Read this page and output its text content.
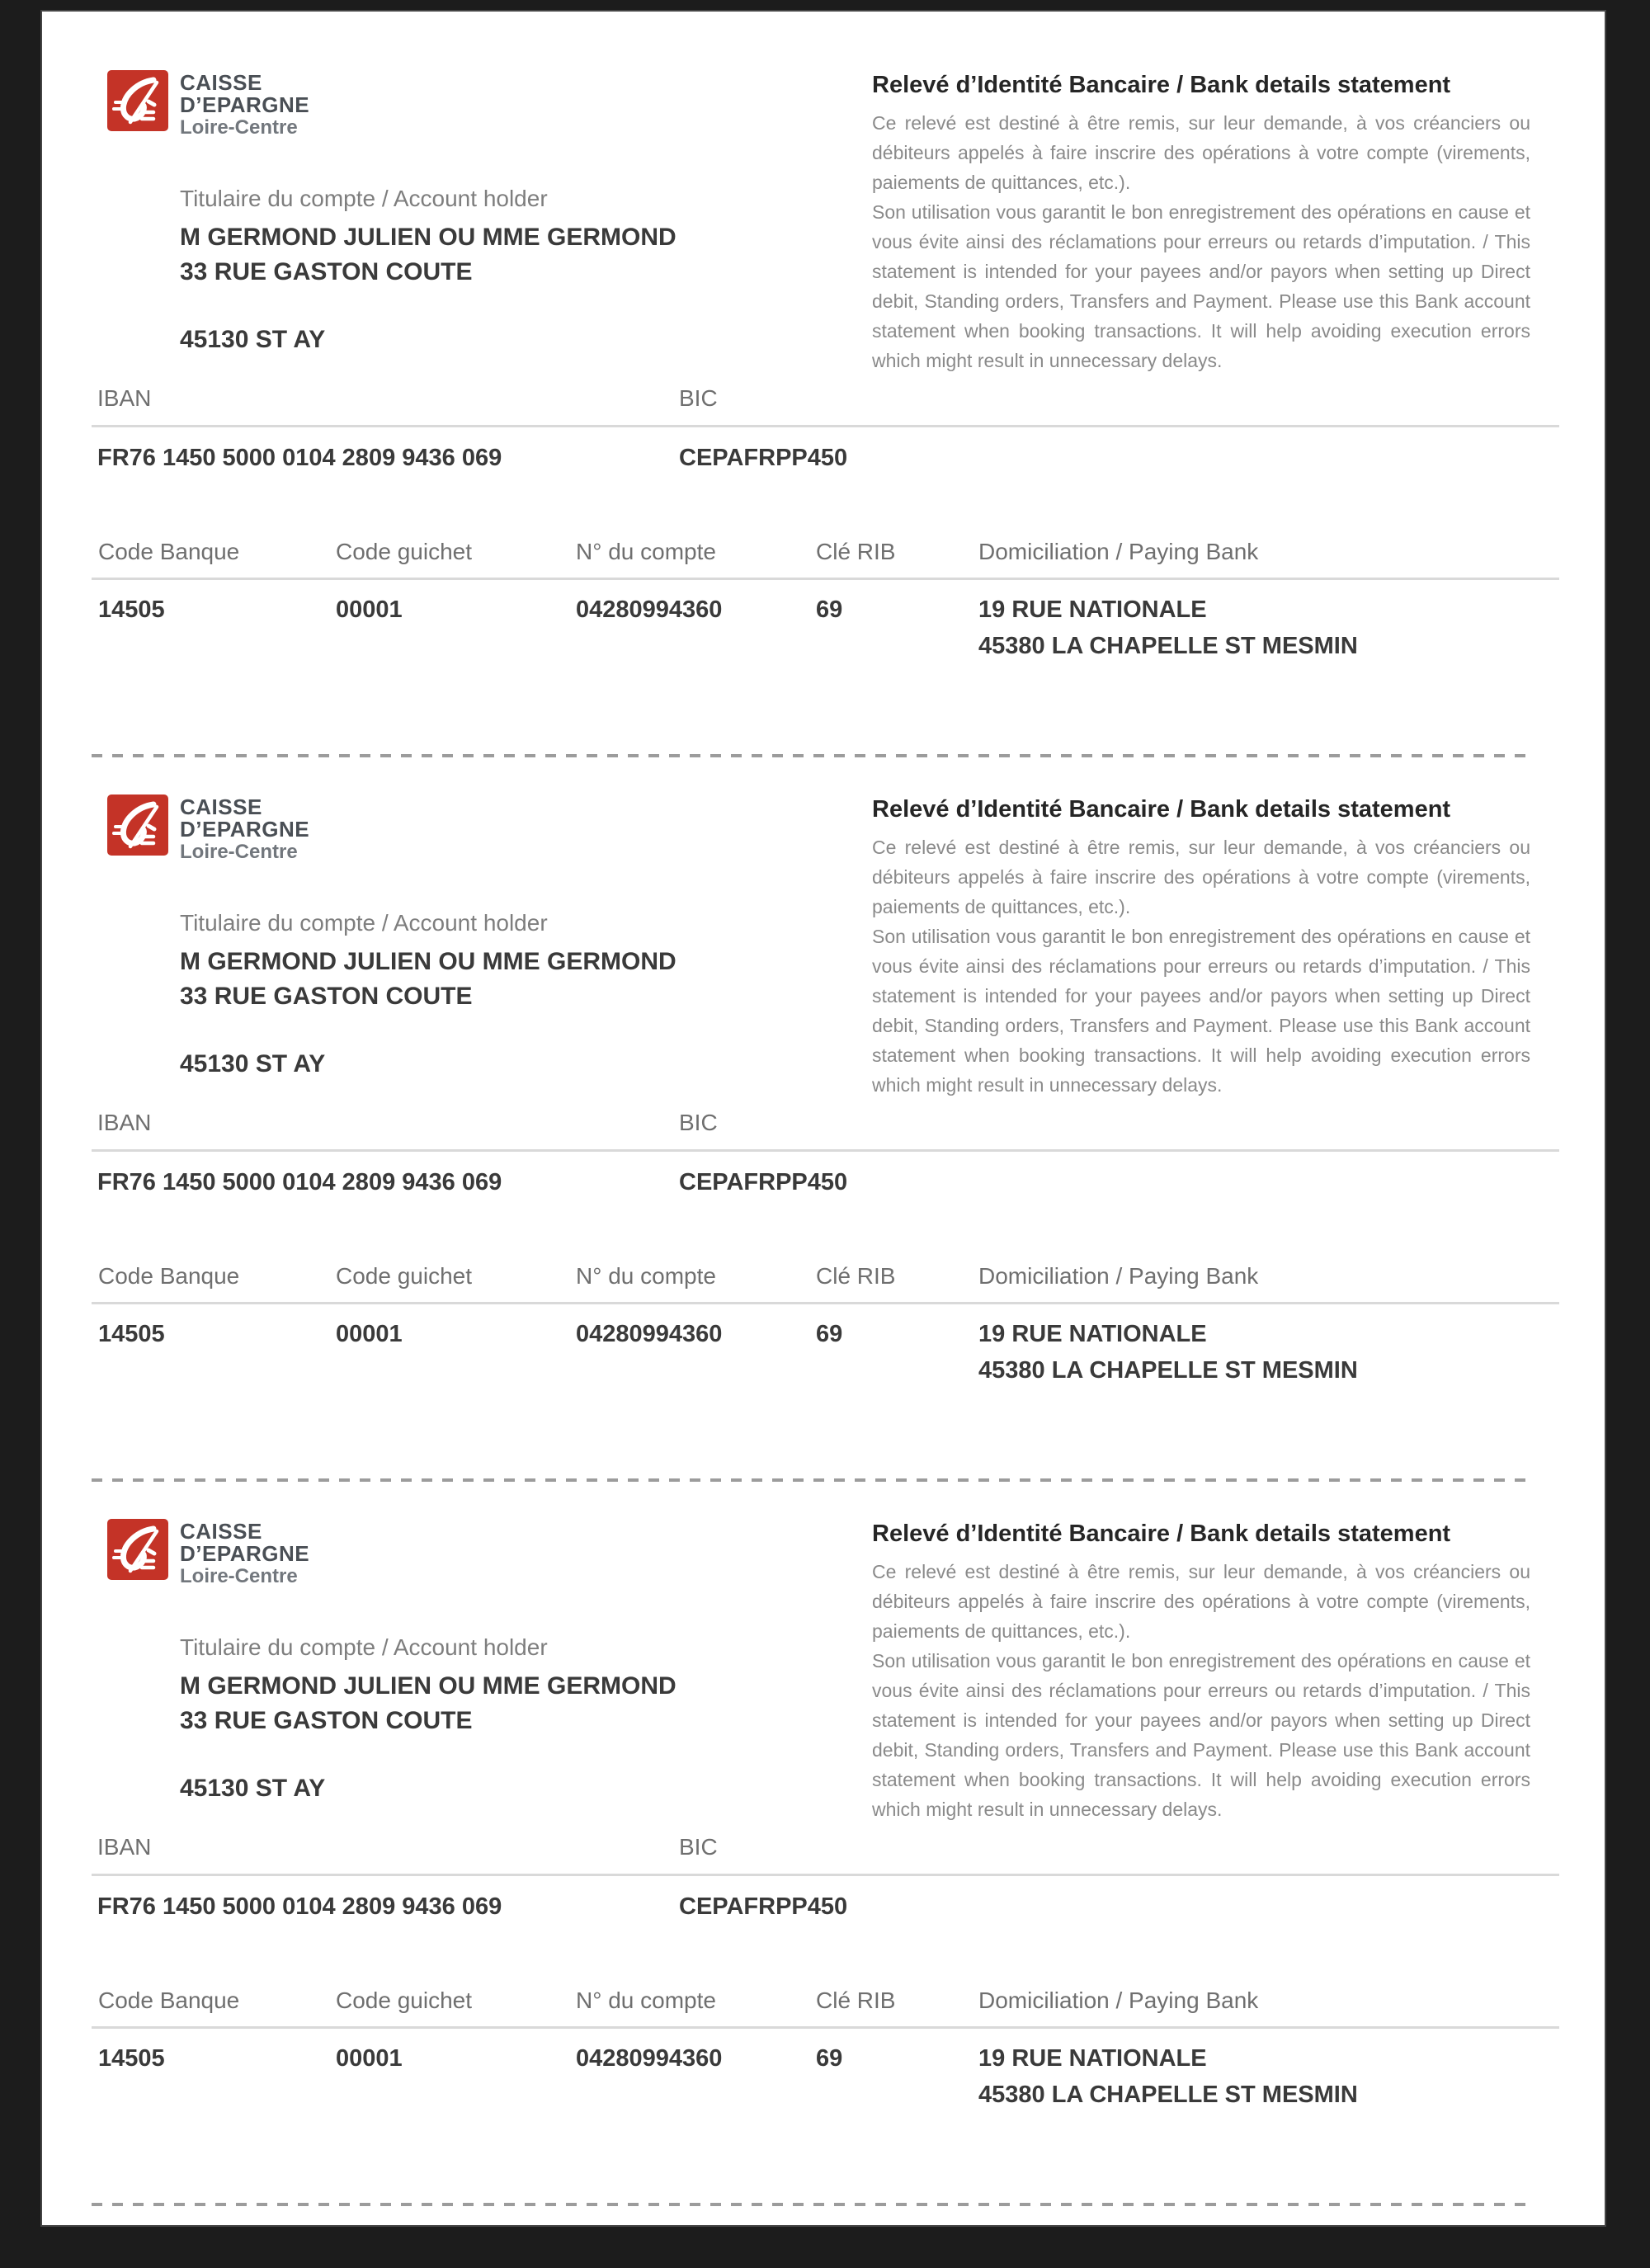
CAISSE
D’EPARGNE
Loire-Centre
Titulaire du compte / Account holder
M GERMOND JULIEN OU MME GERMOND
33 RUE GASTON COUTE
45130 ST AY
Relevé d’Identité Bancaire / Bank details statement

Ce relevé est destiné à être remis, sur leur demande, à vos créanciers ou débiteurs appelés à faire inscrire des opérations à votre compte (virements, paiements de quittances, etc.).

Son utilisation vous garantit le bon enregistrement des opérations en cause et vous évite ainsi des réclamations pour erreurs ou retards d’imputation. / This statement is intended for your payees and/or payors when setting up Direct debit, Standing orders, Transfers and Payment. Please use this Bank account statement when booking transactions. It will help avoiding execution errors which might result in unnecessary delays.

IBAN	BIC
FR76 1450 5000 0104 2809 9436 069	CEPAFRPP450
Code Banque	Code guichet	N° du compte	Clé RIB	Domiciliation / Paying Bank
14505	00001	04280994360	69	19 RUE NATIONALE
45380 LA CHAPELLE ST MESMIN
CAISSE
D’EPARGNE
Loire-Centre
Titulaire du compte / Account holder
M GERMOND JULIEN OU MME GERMOND
33 RUE GASTON COUTE
45130 ST AY
Relevé d’Identité Bancaire / Bank details statement

Ce relevé est destiné à être remis, sur leur demande, à vos créanciers ou débiteurs appelés à faire inscrire des opérations à votre compte (virements, paiements de quittances, etc.).

Son utilisation vous garantit le bon enregistrement des opérations en cause et vous évite ainsi des réclamations pour erreurs ou retards d’imputation. / This statement is intended for your payees and/or payors when setting up Direct debit, Standing orders, Transfers and Payment. Please use this Bank account statement when booking transactions. It will help avoiding execution errors which might result in unnecessary delays.

IBAN	BIC
FR76 1450 5000 0104 2809 9436 069	CEPAFRPP450
Code Banque	Code guichet	N° du compte	Clé RIB	Domiciliation / Paying Bank
14505	00001	04280994360	69	19 RUE NATIONALE
45380 LA CHAPELLE ST MESMIN
CAISSE
D’EPARGNE
Loire-Centre
Titulaire du compte / Account holder
M GERMOND JULIEN OU MME GERMOND
33 RUE GASTON COUTE
45130 ST AY
Relevé d’Identité Bancaire / Bank details statement

Ce relevé est destiné à être remis, sur leur demande, à vos créanciers ou débiteurs appelés à faire inscrire des opérations à votre compte (virements, paiements de quittances, etc.).

Son utilisation vous garantit le bon enregistrement des opérations en cause et vous évite ainsi des réclamations pour erreurs ou retards d’imputation. / This statement is intended for your payees and/or payors when setting up Direct debit, Standing orders, Transfers and Payment. Please use this Bank account statement when booking transactions. It will help avoiding execution errors which might result in unnecessary delays.

IBAN	BIC
FR76 1450 5000 0104 2809 9436 069	CEPAFRPP450
Code Banque	Code guichet	N° du compte	Clé RIB	Domiciliation / Paying Bank
14505	00001	04280994360	69	19 RUE NATIONALE
45380 LA CHAPELLE ST MESMIN
